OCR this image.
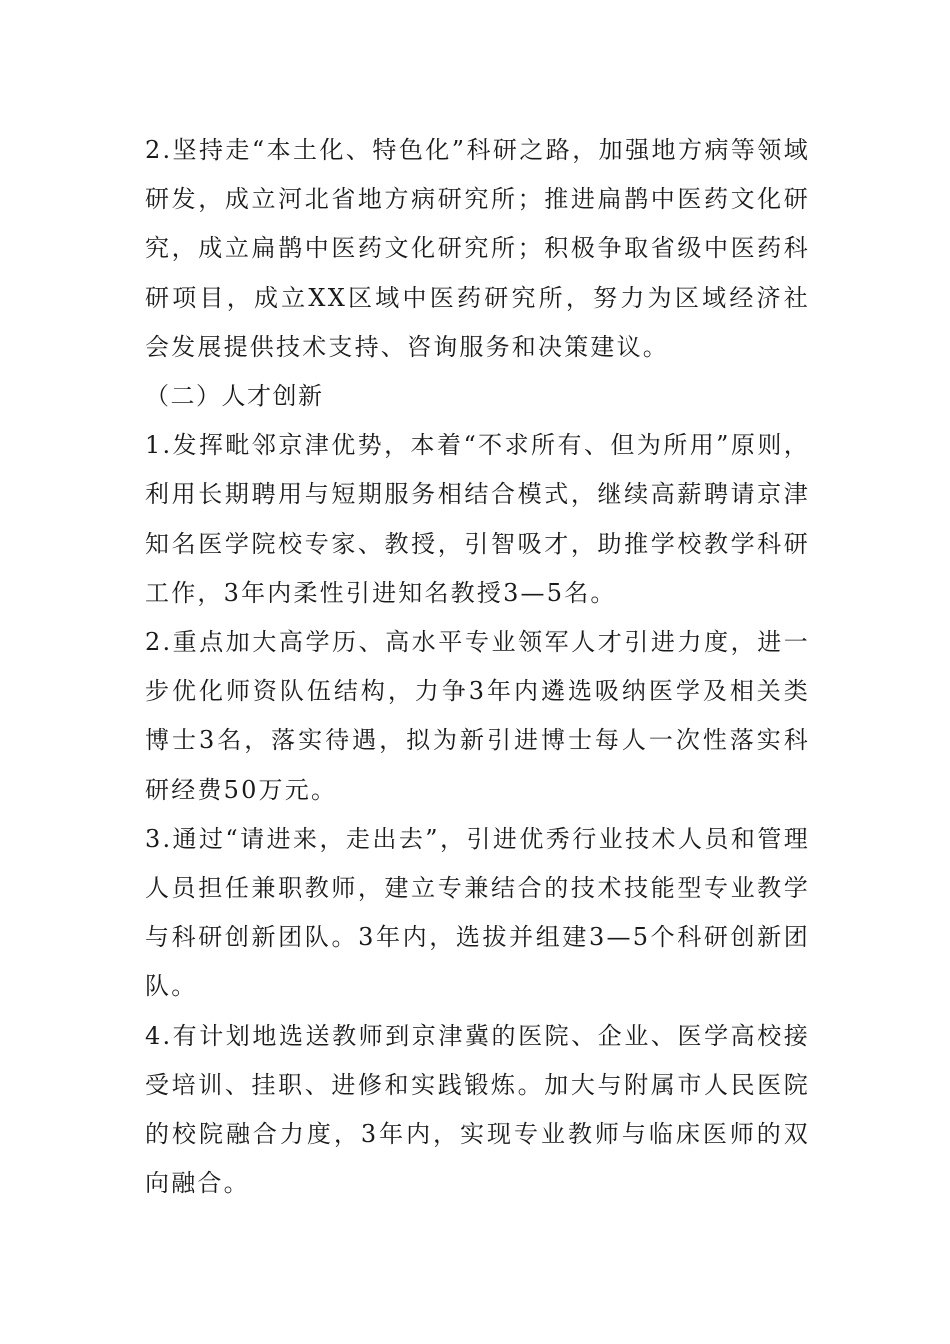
2.坚持走“本土化、特色化”科研之路，加强地方病等领域研发，成立河北省地方病研究所；推进扁鹊中医药文化研究，成立扁鹊中医药文化研究所；积极争取省级中医药科研项目，成立XX区域中医药研究所，努力为区域经济社会发展提供技术支持、咨询服务和决策建议。

（二）人才创新

1.发挥毗邻京津优势，本着“不求所有、但为所用”原则，利用长期聘用与短期服务相结合模式，继续高薪聘请京津知名医学院校专家、教授，引智吸才，助推学校教学科研工作，3年内柔性引进知名教授3—5名。

2.重点加大高学历、高水平专业领军人才引进力度，进一步优化师资队伍结构，力争3年内遴选吸纳医学及相关类博士3名，落实待遇，拟为新引进博士每人一次性落实科研经费50万元。

3.通过“请进来，走出去”，引进优秀行业技术人员和管理人员担任兼职教师，建立专兼结合的技术技能型专业教学与科研创新团队。3年内，选拔并组建3—5个科研创新团队。

4.有计划地选送教师到京津冀的医院、企业、医学高校接受培训、挂职、进修和实践锻炼。加大与附属市人民医院的校院融合力度，3年内，实现专业教师与临床医师的双向融合。
